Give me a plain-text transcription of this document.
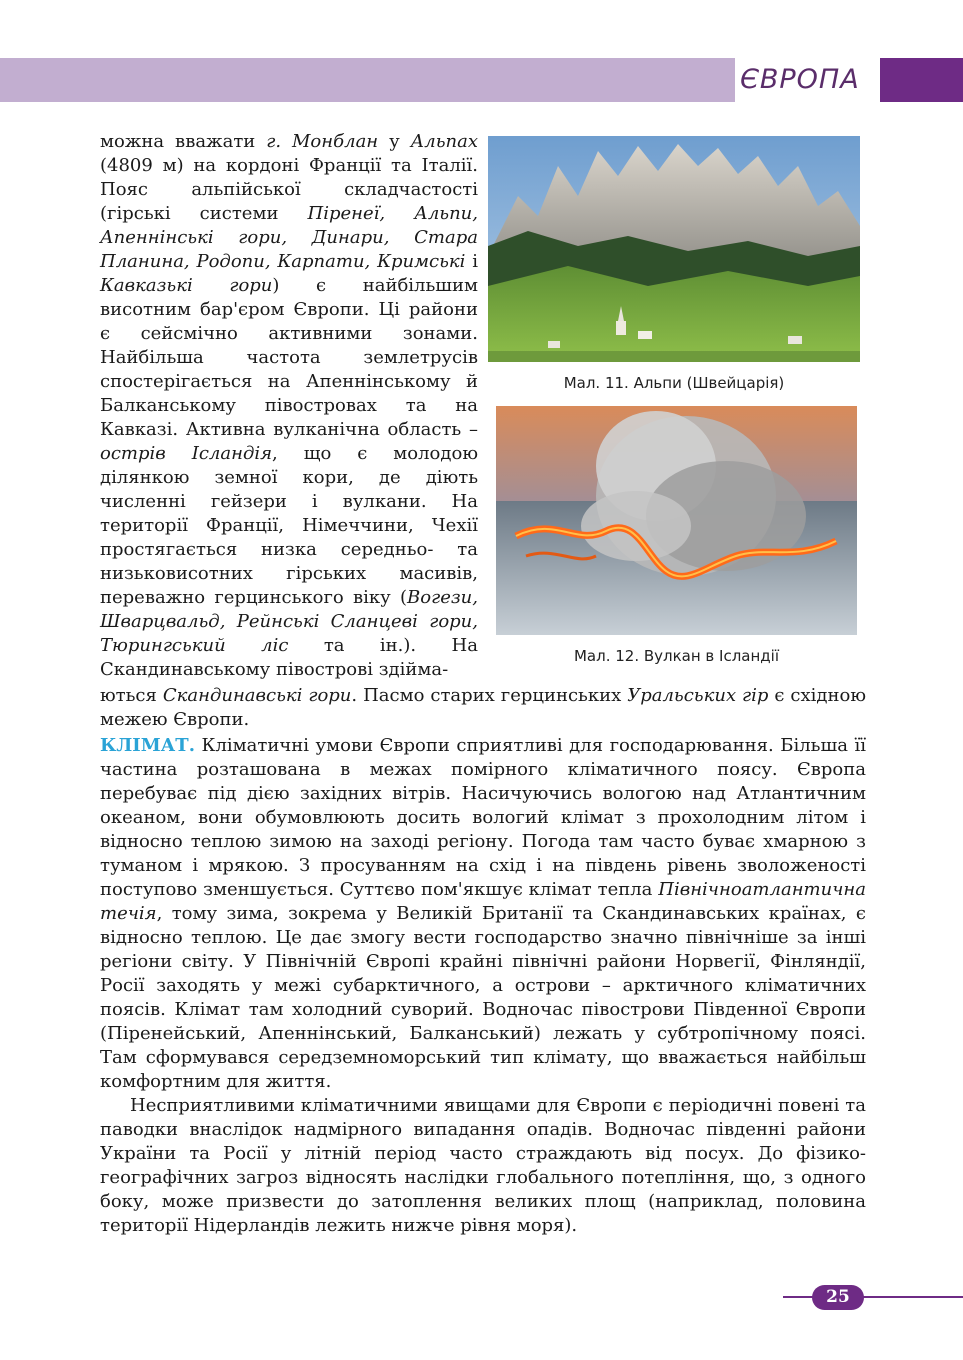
ЄВРОПА

можна вважати г. Монблан у Альпах (4809 м) на кордоні Франції та Італії. Пояс альпійської складчастості (гірські системи Піренеї, Альпи, Апеннінські гори, Динари, Стара Планина, Родопи, Карпати, Кримські і Кавказькі гори) є найбільшим висотним бар'єром Європи. Ці райони є сейсмічно активними зонами. Найбільша частота землетрусів спостерігається на Апеннінському й Балканському півостровах та на Кавказі. Активна вулканічна область – острів Ісландія, що є молодою ділянкою земної кори, де діють численні гейзери і вулкани. На території Франції, Німеччини, Чехії простягається низка середньо- та низьковисотних гірських масивів, переважно герцинського віку (Вогези, Шварцвальд, Рейнські Сланцеві гори, Тюрингський ліс та ін.). На Скандинавському півострові здіймa-

Мал. 11. Альпи (Швейцарія)
Мал. 12. Вулкан в Ісландії

ються Скандинавські гори. Пасмо старих герцинських Уральських гір є східною межею Європи.

КЛІМАТ. Кліматичні умови Європи сприятливі для господарювання. Більша її частина розташована в межах помірного кліматичного поясу. Європа перебуває під дією західних вітрів. Насичуючись вологою над Атлантичним океаном, вони обумовлюють досить вологий клімат з прохолодним літом і відносно теплою зимою на заході регіону. Погода там часто буває хмарною з туманом і мрякою. З просуванням на схід і на південь рівень зволоженості поступово зменшується. Суттєво пом'якшує клімат тепла Північноатлантична течія, тому зима, зокрема у Великій Британії та Скандинавських країнах, є відносно теплою. Це дає змогу вести господарство значно північніше за інші регіони світу. У Північній Європі крайні північні райони Норвегії, Фінляндії, Росії заходять у межі субарктичного, а острови – арктичного кліматичних поясів. Клімат там холодний суворий. Водночас півострови Південної Європи (Піренейський, Апеннінський, Балканський) лежать у субтропічному поясі. Там сформувався середземноморський тип клімату, що вважається найбільш комфортним для життя.

Несприятливими кліматичними явищами для Європи є періодичні повені та паводки внаслідок надмірного випадання опадів. Водночас південні райони України та Росії у літній період часто страждають від посух. До фізико-географічних загроз відносять наслідки глобального потепління, що, з одного боку, може призвести до затоплення великих площ (наприклад, половина території Нідерландів лежить нижче рівня моря).

25
